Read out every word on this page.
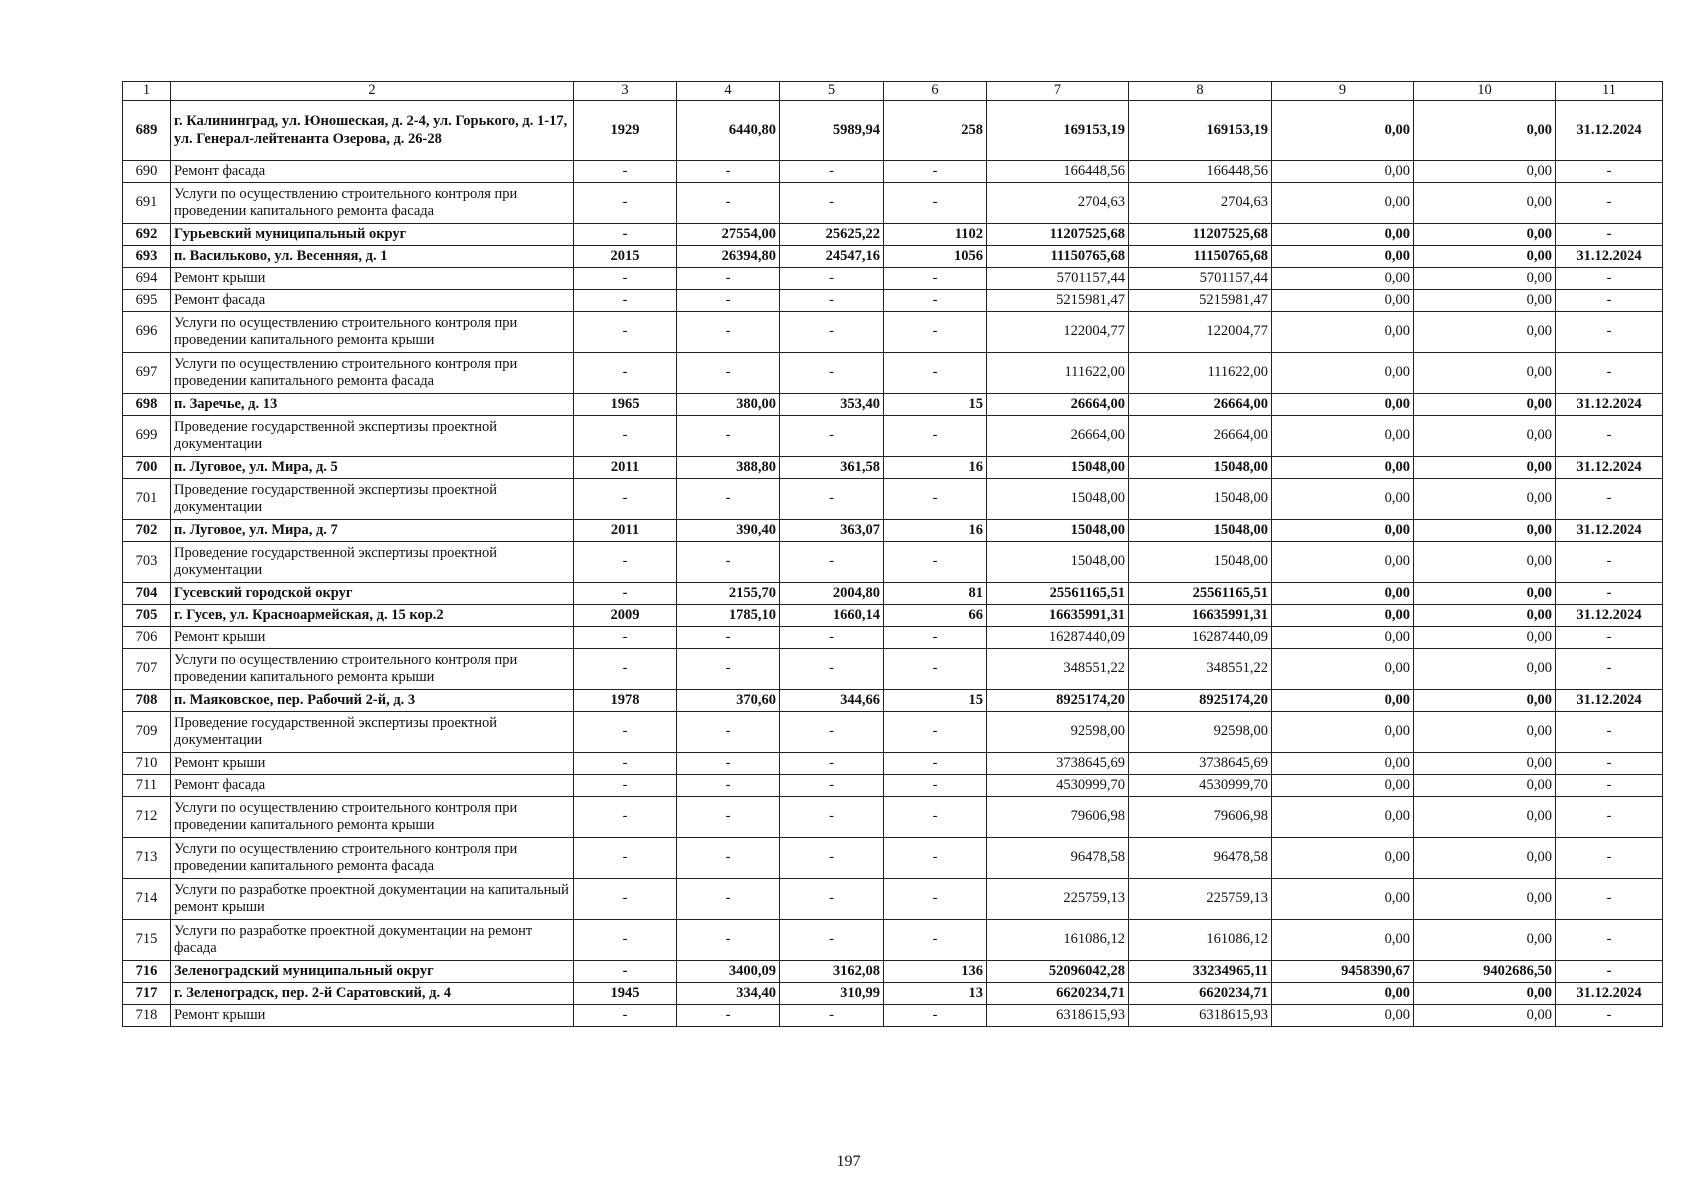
1	2	3	4	5	6	7	8	9	10	11
689	г. Калининград, ул. Юношеская, д. 2-4, ул. Горького, д. 1-17, ул. Генерал-лейтенанта Озерова, д. 26-28	1929	6440,80	5989,94	258	169153,19	169153,19	0,00	0,00	31.12.2024
690	Ремонт фасада	-	-	-	-	166448,56	166448,56	0,00	0,00	-
691	Услуги по осуществлению строительного контроля при проведении капитального ремонта фасада	-	-	-	-	2704,63	2704,63	0,00	0,00	-
692	Гурьевский муниципальный округ	-	27554,00	25625,22	1102	11207525,68	11207525,68	0,00	0,00	-
693	п. Васильково, ул. Весенняя, д. 1	2015	26394,80	24547,16	1056	11150765,68	11150765,68	0,00	0,00	31.12.2024
694	Ремонт крыши	-	-	-	-	5701157,44	5701157,44	0,00	0,00	-
695	Ремонт фасада	-	-	-	-	5215981,47	5215981,47	0,00	0,00	-
696	Услуги по осуществлению строительного контроля при проведении капитального ремонта крыши	-	-	-	-	122004,77	122004,77	0,00	0,00	-
697	Услуги по осуществлению строительного контроля при проведении капитального ремонта фасада	-	-	-	-	111622,00	111622,00	0,00	0,00	-
698	п. Заречье, д. 13	1965	380,00	353,40	15	26664,00	26664,00	0,00	0,00	31.12.2024
699	Проведение государственной экспертизы проектной документации	-	-	-	-	26664,00	26664,00	0,00	0,00	-
700	п. Луговое, ул. Мира, д. 5	2011	388,80	361,58	16	15048,00	15048,00	0,00	0,00	31.12.2024
701	Проведение государственной экспертизы проектной документации	-	-	-	-	15048,00	15048,00	0,00	0,00	-
702	п. Луговое, ул. Мира, д. 7	2011	390,40	363,07	16	15048,00	15048,00	0,00	0,00	31.12.2024
703	Проведение государственной экспертизы проектной документации	-	-	-	-	15048,00	15048,00	0,00	0,00	-
704	Гусевский городской округ	-	2155,70	2004,80	81	25561165,51	25561165,51	0,00	0,00	-
705	г. Гусев, ул. Красноармейская, д. 15 кор.2	2009	1785,10	1660,14	66	16635991,31	16635991,31	0,00	0,00	31.12.2024
706	Ремонт крыши	-	-	-	-	16287440,09	16287440,09	0,00	0,00	-
707	Услуги по осуществлению строительного контроля при проведении капитального ремонта крыши	-	-	-	-	348551,22	348551,22	0,00	0,00	-
708	п. Маяковское, пер. Рабочий 2-й, д. 3	1978	370,60	344,66	15	8925174,20	8925174,20	0,00	0,00	31.12.2024
709	Проведение государственной экспертизы проектной документации	-	-	-	-	92598,00	92598,00	0,00	0,00	-
710	Ремонт крыши	-	-	-	-	3738645,69	3738645,69	0,00	0,00	-
711	Ремонт фасада	-	-	-	-	4530999,70	4530999,70	0,00	0,00	-
712	Услуги по осуществлению строительного контроля при проведении капитального ремонта крыши	-	-	-	-	79606,98	79606,98	0,00	0,00	-
713	Услуги по осуществлению строительного контроля при проведении капитального ремонта фасада	-	-	-	-	96478,58	96478,58	0,00	0,00	-
714	Услуги по разработке проектной документации на капитальный ремонт крыши	-	-	-	-	225759,13	225759,13	0,00	0,00	-
715	Услуги по разработке проектной документации на ремонт фасада	-	-	-	-	161086,12	161086,12	0,00	0,00	-
716	Зеленоградский муниципальный округ	-	3400,09	3162,08	136	52096042,28	33234965,11	9458390,67	9402686,50	-
717	г. Зеленоградск, пер. 2-й Саратовский, д. 4	1945	334,40	310,99	13	6620234,71	6620234,71	0,00	0,00	31.12.2024
718	Ремонт крыши	-	-	-	-	6318615,93	6318615,93	0,00	0,00	-
197
